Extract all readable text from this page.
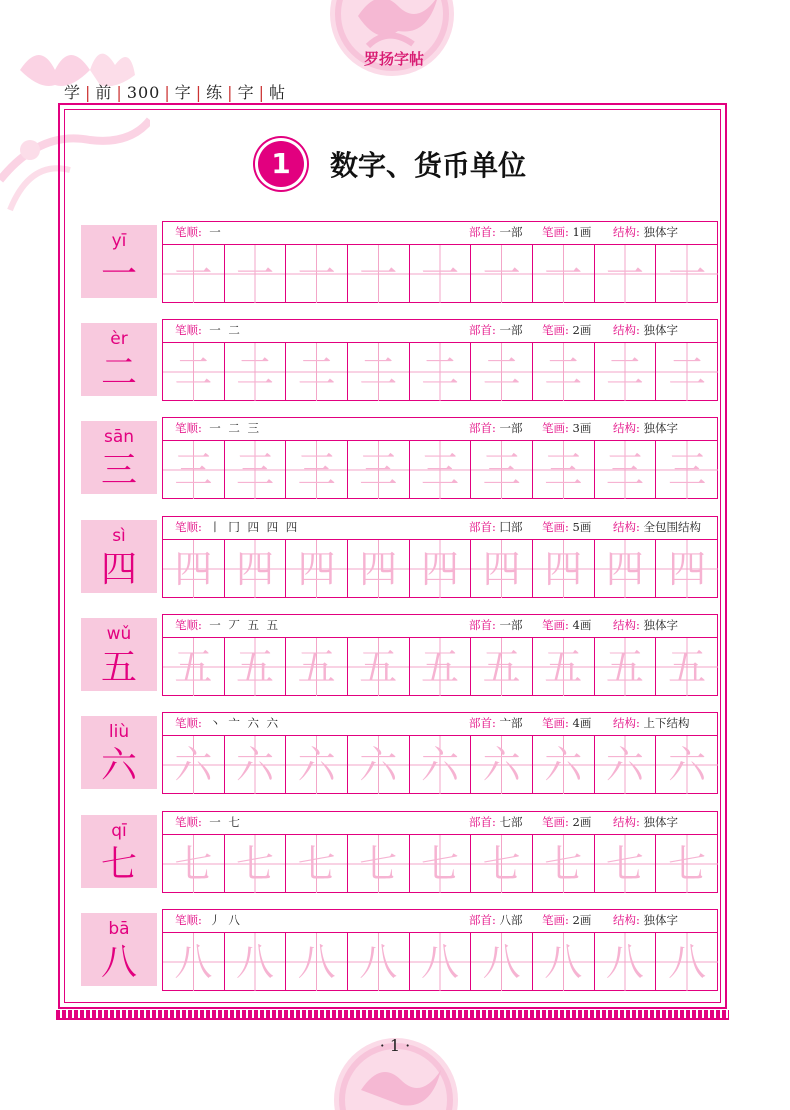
罗扬字帖
学 | 前 | 300 | 字 | 练 | 字 | 帖
1	数字、货币单位
yī
一
笔顺: 一	部首: 一部 笔画: 1画 结构: 独体字
一 一 一 一 一 一 一 一 一
èr
二
笔顺: 一 二	部首: 一部 笔画: 2画 结构: 独体字
二 二 二 二 二 二 二 二 二
sān
三
笔顺: 一 二 三	部首: 一部 笔画: 3画 结构: 独体字
三 三 三 三 三 三 三 三 三
sì
四
笔顺: 丨 冂 四 四 四	部首: 囗部 笔画: 5画 结构: 全包围结构
四 四 四 四 四 四 四 四 四
wǔ
五
笔顺: 一 丆 五 五	部首: 一部 笔画: 4画 结构: 独体字
五 五 五 五 五 五 五 五 五
liù
六
笔顺: 丶 亠 六 六	部首: 亠部 笔画: 4画 结构: 上下结构
六 六 六 六 六 六 六 六 六
qī
七
笔顺: 一 七	部首: 七部 笔画: 2画 结构: 独体字
七 七 七 七 七 七 七 七 七
bā
八
笔顺: 丿 八	部首: 八部 笔画: 2画 结构: 独体字
八 八 八 八 八 八 八 八 八
· 1 ·
